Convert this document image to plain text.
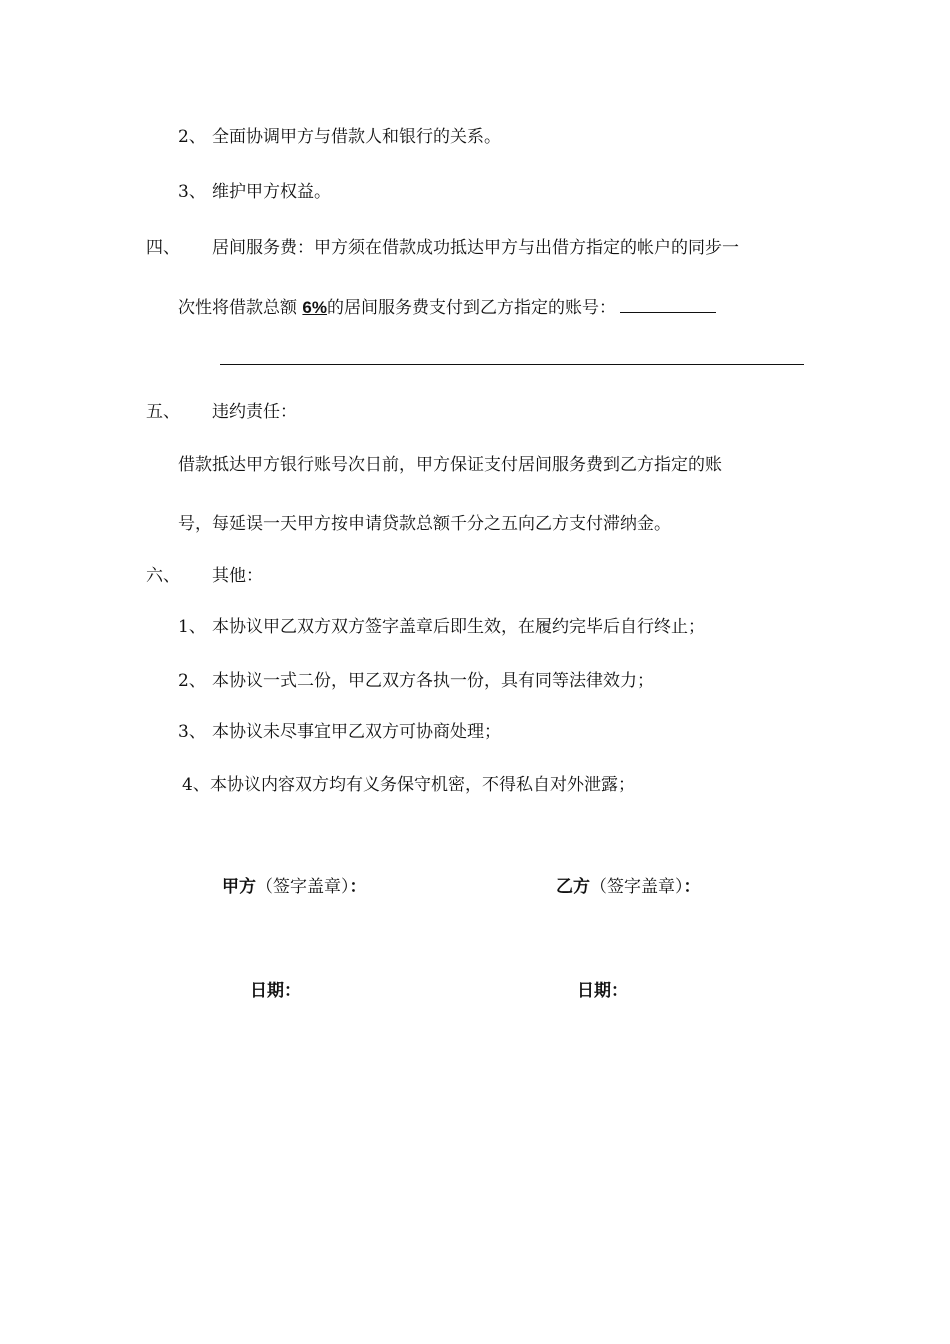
2、 全面协调甲方与借款人和银行的关系。
3、 维护甲方权益。
四、 居间服务费：甲方须在借款成功抵达甲方与出借方指定的帐户的同步一
次性将借款总额 6%的居间服务费支付到乙方指定的账号：
五、 违约责任：
借款抵达甲方银行账号次日前，甲方保证支付居间服务费到乙方指定的账
号，每延误一天甲方按申请贷款总额千分之五向乙方支付滞纳金。
六、 其他：
1、 本协议甲乙双方双方签字盖章后即生效，在履约完毕后自行终止；
2、 本协议一式二份，甲乙双方各执一份，具有同等法律效力；
3、 本协议未尽事宜甲乙双方可协商处理；
4、本协议内容双方均有义务保守机密，不得私自对外泄露；
甲方（签字盖章）：	乙方（签字盖章）：
日期：	日期：
